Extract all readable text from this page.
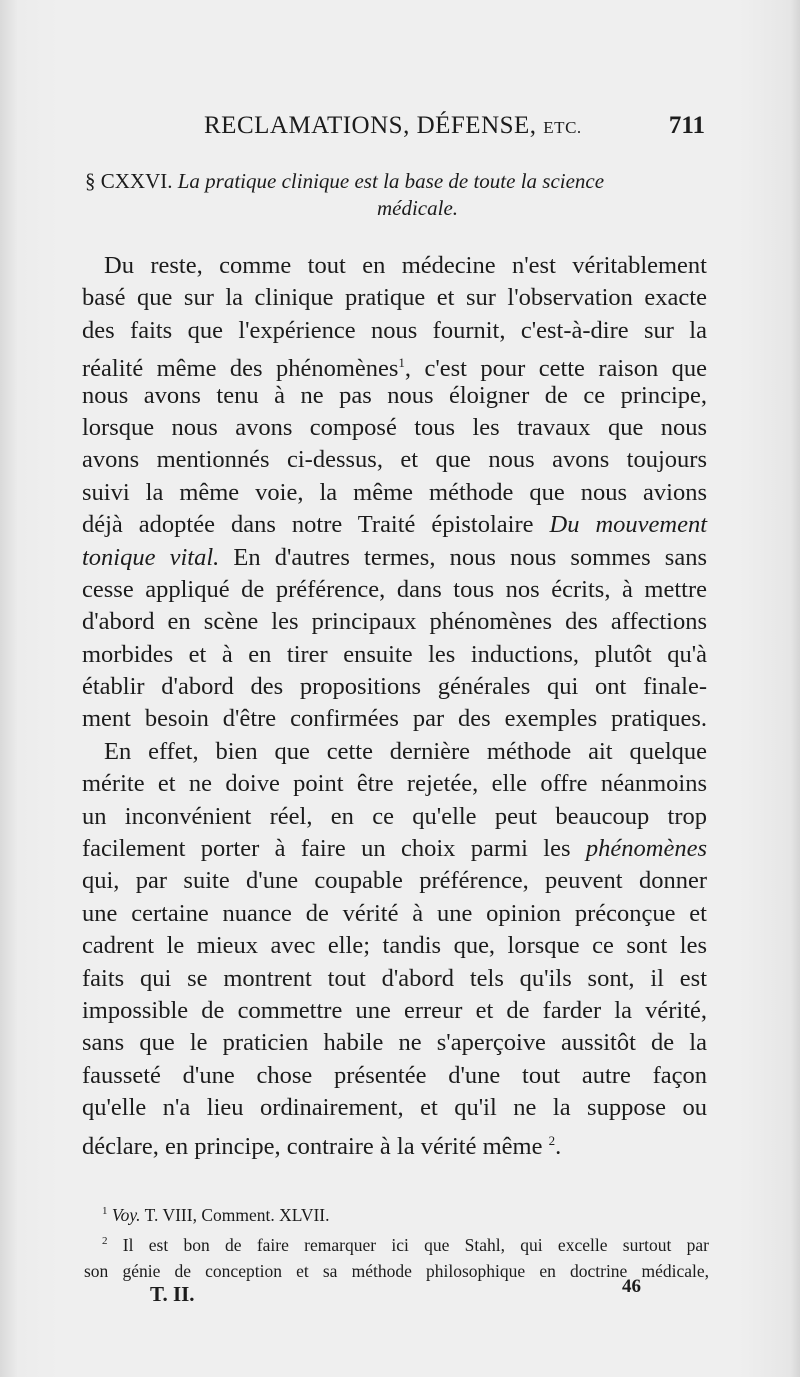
RECLAMATIONS, DÉFENSE, ETC.	711
§ CXXVI. La pratique clinique est la base de toute la science
médicale.
Du reste, comme tout en médecine n'est véritablement
basé que sur la clinique pratique et sur l'observation exacte
des faits que l'expérience nous fournit, c'est-à-dire sur la
réalité même des phénomènes$^1$, c'est pour cette raison que
nous avons tenu à ne pas nous éloigner de ce principe,
lorsque nous avons composé tous les travaux que nous
avons mentionnés ci-dessus, et que nous avons toujours
suivi la même voie, la même méthode que nous avions
déjà adoptée dans notre Traité épistolaire Du mouvement
tonique vital. En d'autres termes, nous nous sommes sans
cesse appliqué de préférence, dans tous nos écrits, à mettre
d'abord en scène les principaux phénomènes des affections
morbides et à en tirer ensuite les inductions, plutôt qu'à
établir d'abord des propositions générales qui ont finale-
ment besoin d'être confirmées par des exemples pratiques.
En effet, bien que cette dernière méthode ait quelque
mérite et ne doive point être rejetée, elle offre néanmoins
un inconvénient réel, en ce qu'elle peut beaucoup trop
facilement porter à faire un choix parmi les phénomènes
qui, par suite d'une coupable préférence, peuvent donner
une certaine nuance de vérité à une opinion préconçue et
cadrent le mieux avec elle; tandis que, lorsque ce sont les
faits qui se montrent tout d'abord tels qu'ils sont, il est
impossible de commettre une erreur et de farder la vérité,
sans que le praticien habile ne s'aperçoive aussitôt de la
fausseté d'une chose présentée d'une tout autre façon
qu'elle n'a lieu ordinairement, et qu'il ne la suppose ou
déclare, en principe, contraire à la vérité même $^2$.
$^1$ Voy. T. VIII, Comment. XLVII.
$^2$ Il est bon de faire remarquer ici que Stahl, qui excelle surtout par
son génie de conception et sa méthode philosophique en doctrine médicale,
T. II.	46
